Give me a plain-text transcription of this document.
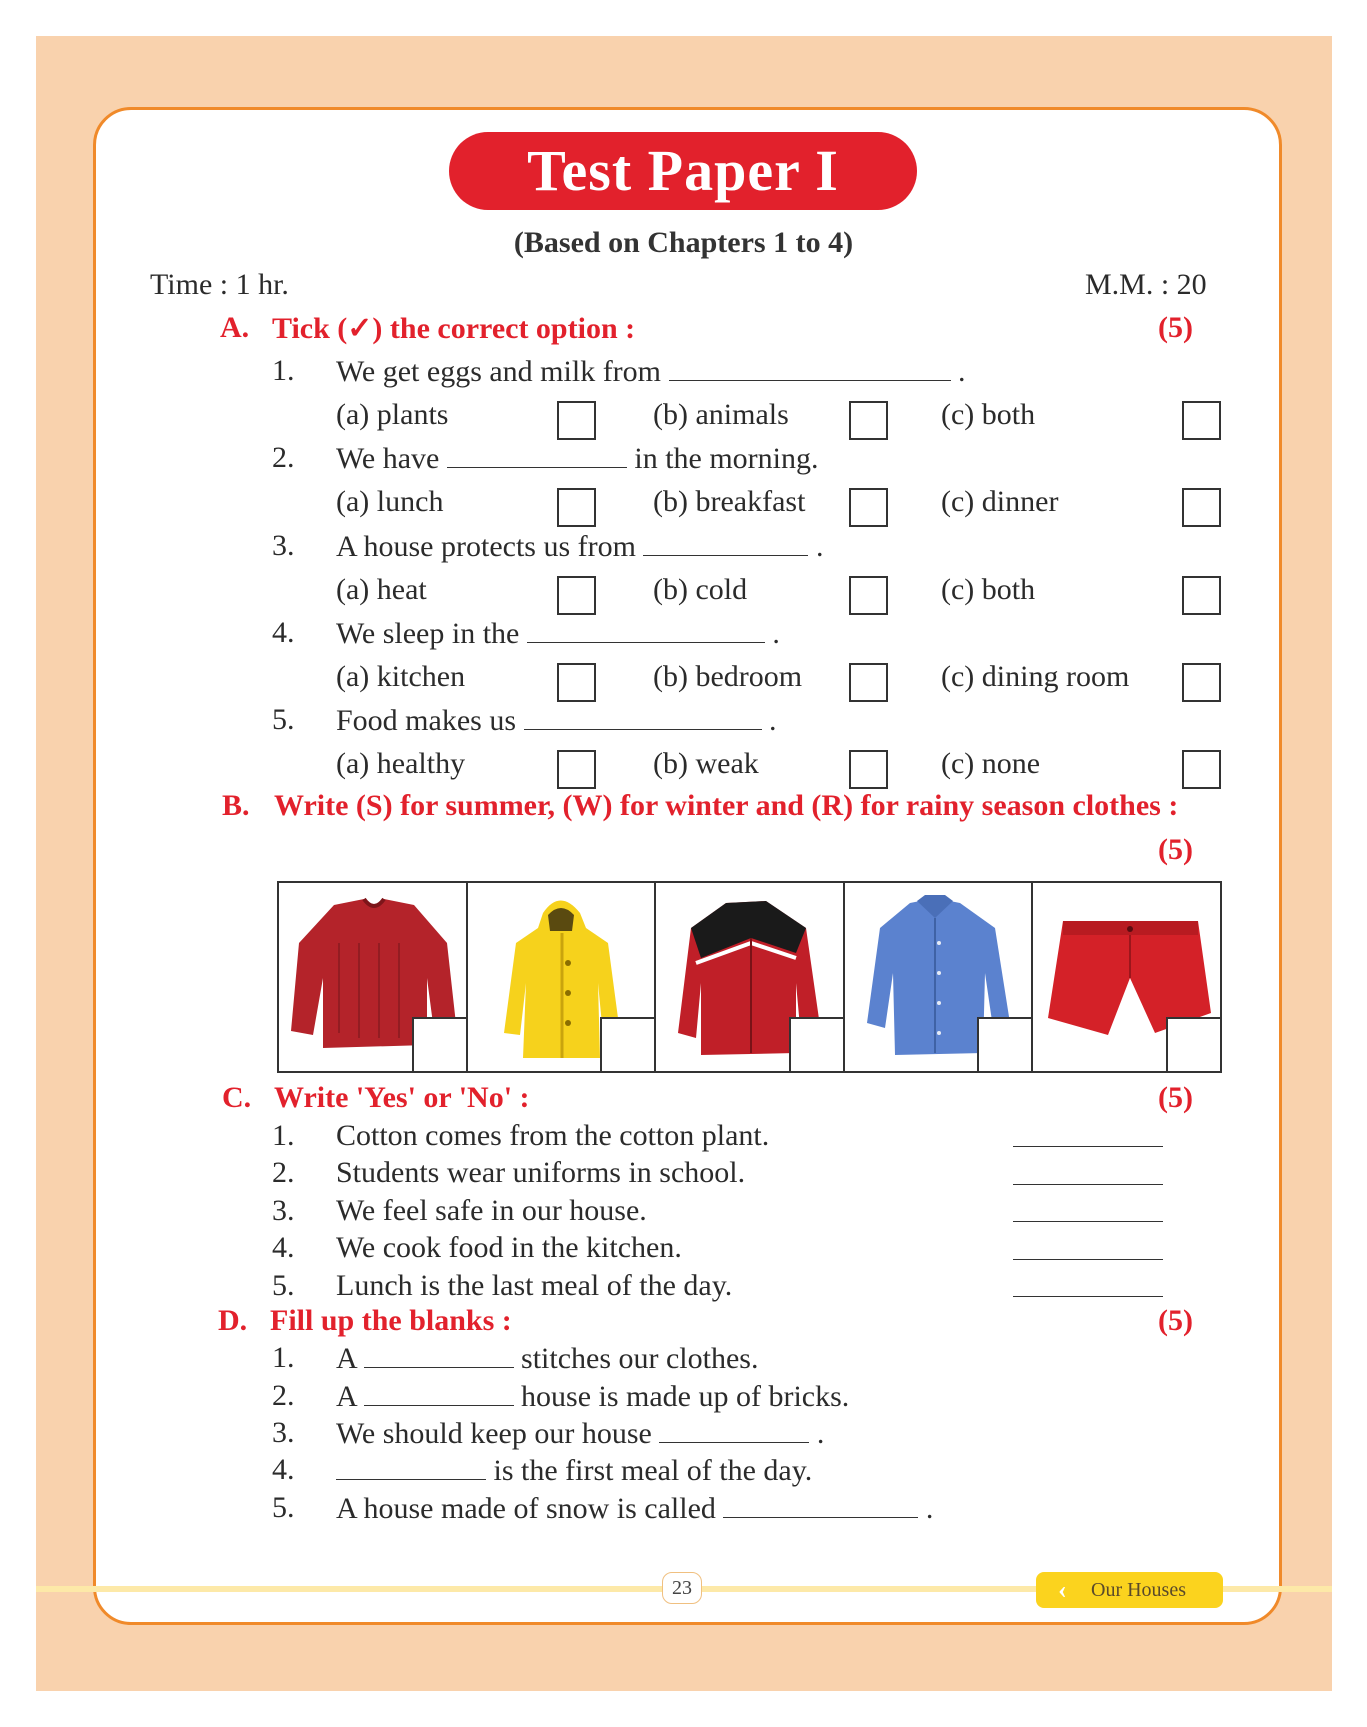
Test Paper I
(Based on Chapters 1 to 4)
Time : 1 hr.	M.M. : 20
A. Tick (✓) the correct option :	(5)
1. We get eggs and milk from	.
(a) plants	(b) animals	(c) both
2. We have	in the morning.
(a) lunch	(b) breakfast	(c) dinner
3. A house protects us from	.
(a) heat	(b) cold	(c) both
4. We sleep in the	.
(a) kitchen	(b) bedroom	(c) dining room
5. Food makes us	.
(a) healthy	(b) weak	(c) none
B. Write (S) for summer, (W) for winter and (R) for rainy season clothes :
(5)
C. Write 'Yes' or 'No' :	(5)
1. Cotton comes from the cotton plant.
2. Students wear uniforms in school.
3. We feel safe in our house.
4. We cook food in the kitchen.
5. Lunch is the last meal of the day.
D. Fill up the blanks :	(5)
1. A	stitches our clothes.
2. A	house is made up of bricks.
3. We should keep our house	.
4.	is the first meal of the day.
5. A house made of snow is called	.
23	‹ Our Houses
